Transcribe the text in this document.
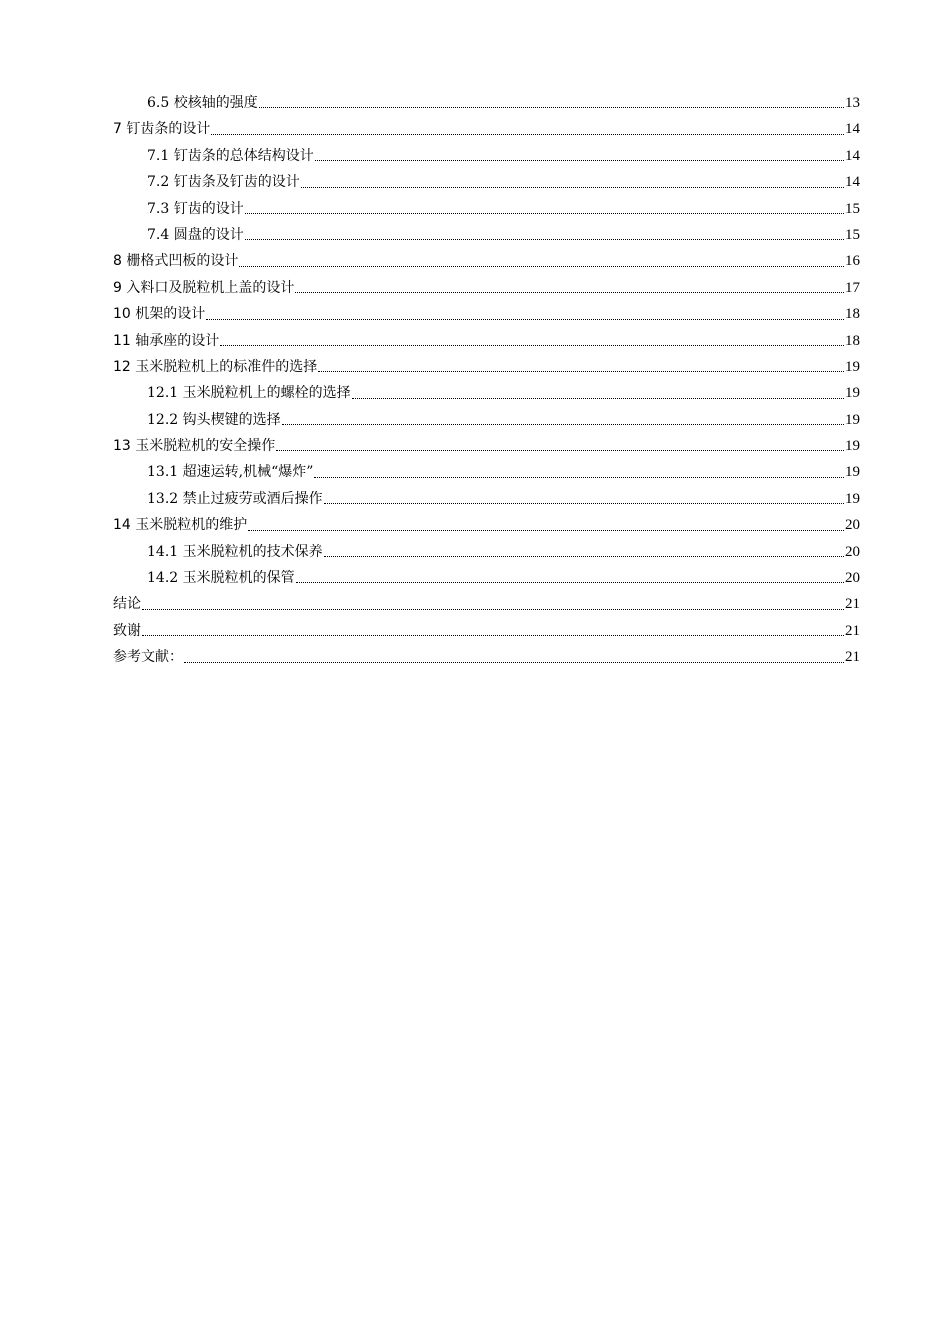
6.5 校核轴的强度	13
7 钉齿条的设计	14
7.1 钉齿条的总体结构设计	14
7.2 钉齿条及钉齿的设计	14
7.3 钉齿的设计	15
7.4 圆盘的设计	15
8 栅格式凹板的设计	16
9 入料口及脱粒机上盖的设计	17
10 机架的设计	18
11 轴承座的设计	18
12 玉米脱粒机上的标准件的选择	19
12.1 玉米脱粒机上的螺栓的选择	19
12.2 钩头楔键的选择	19
13 玉米脱粒机的安全操作	19
13.1 超速运转,机械“爆炸”	19
13.2 禁止过疲劳或酒后操作	19
14 玉米脱粒机的维护	20
14.1 玉米脱粒机的技术保养	20
14.2 玉米脱粒机的保管	20
结论	21
致谢	21
参考文献：	21
